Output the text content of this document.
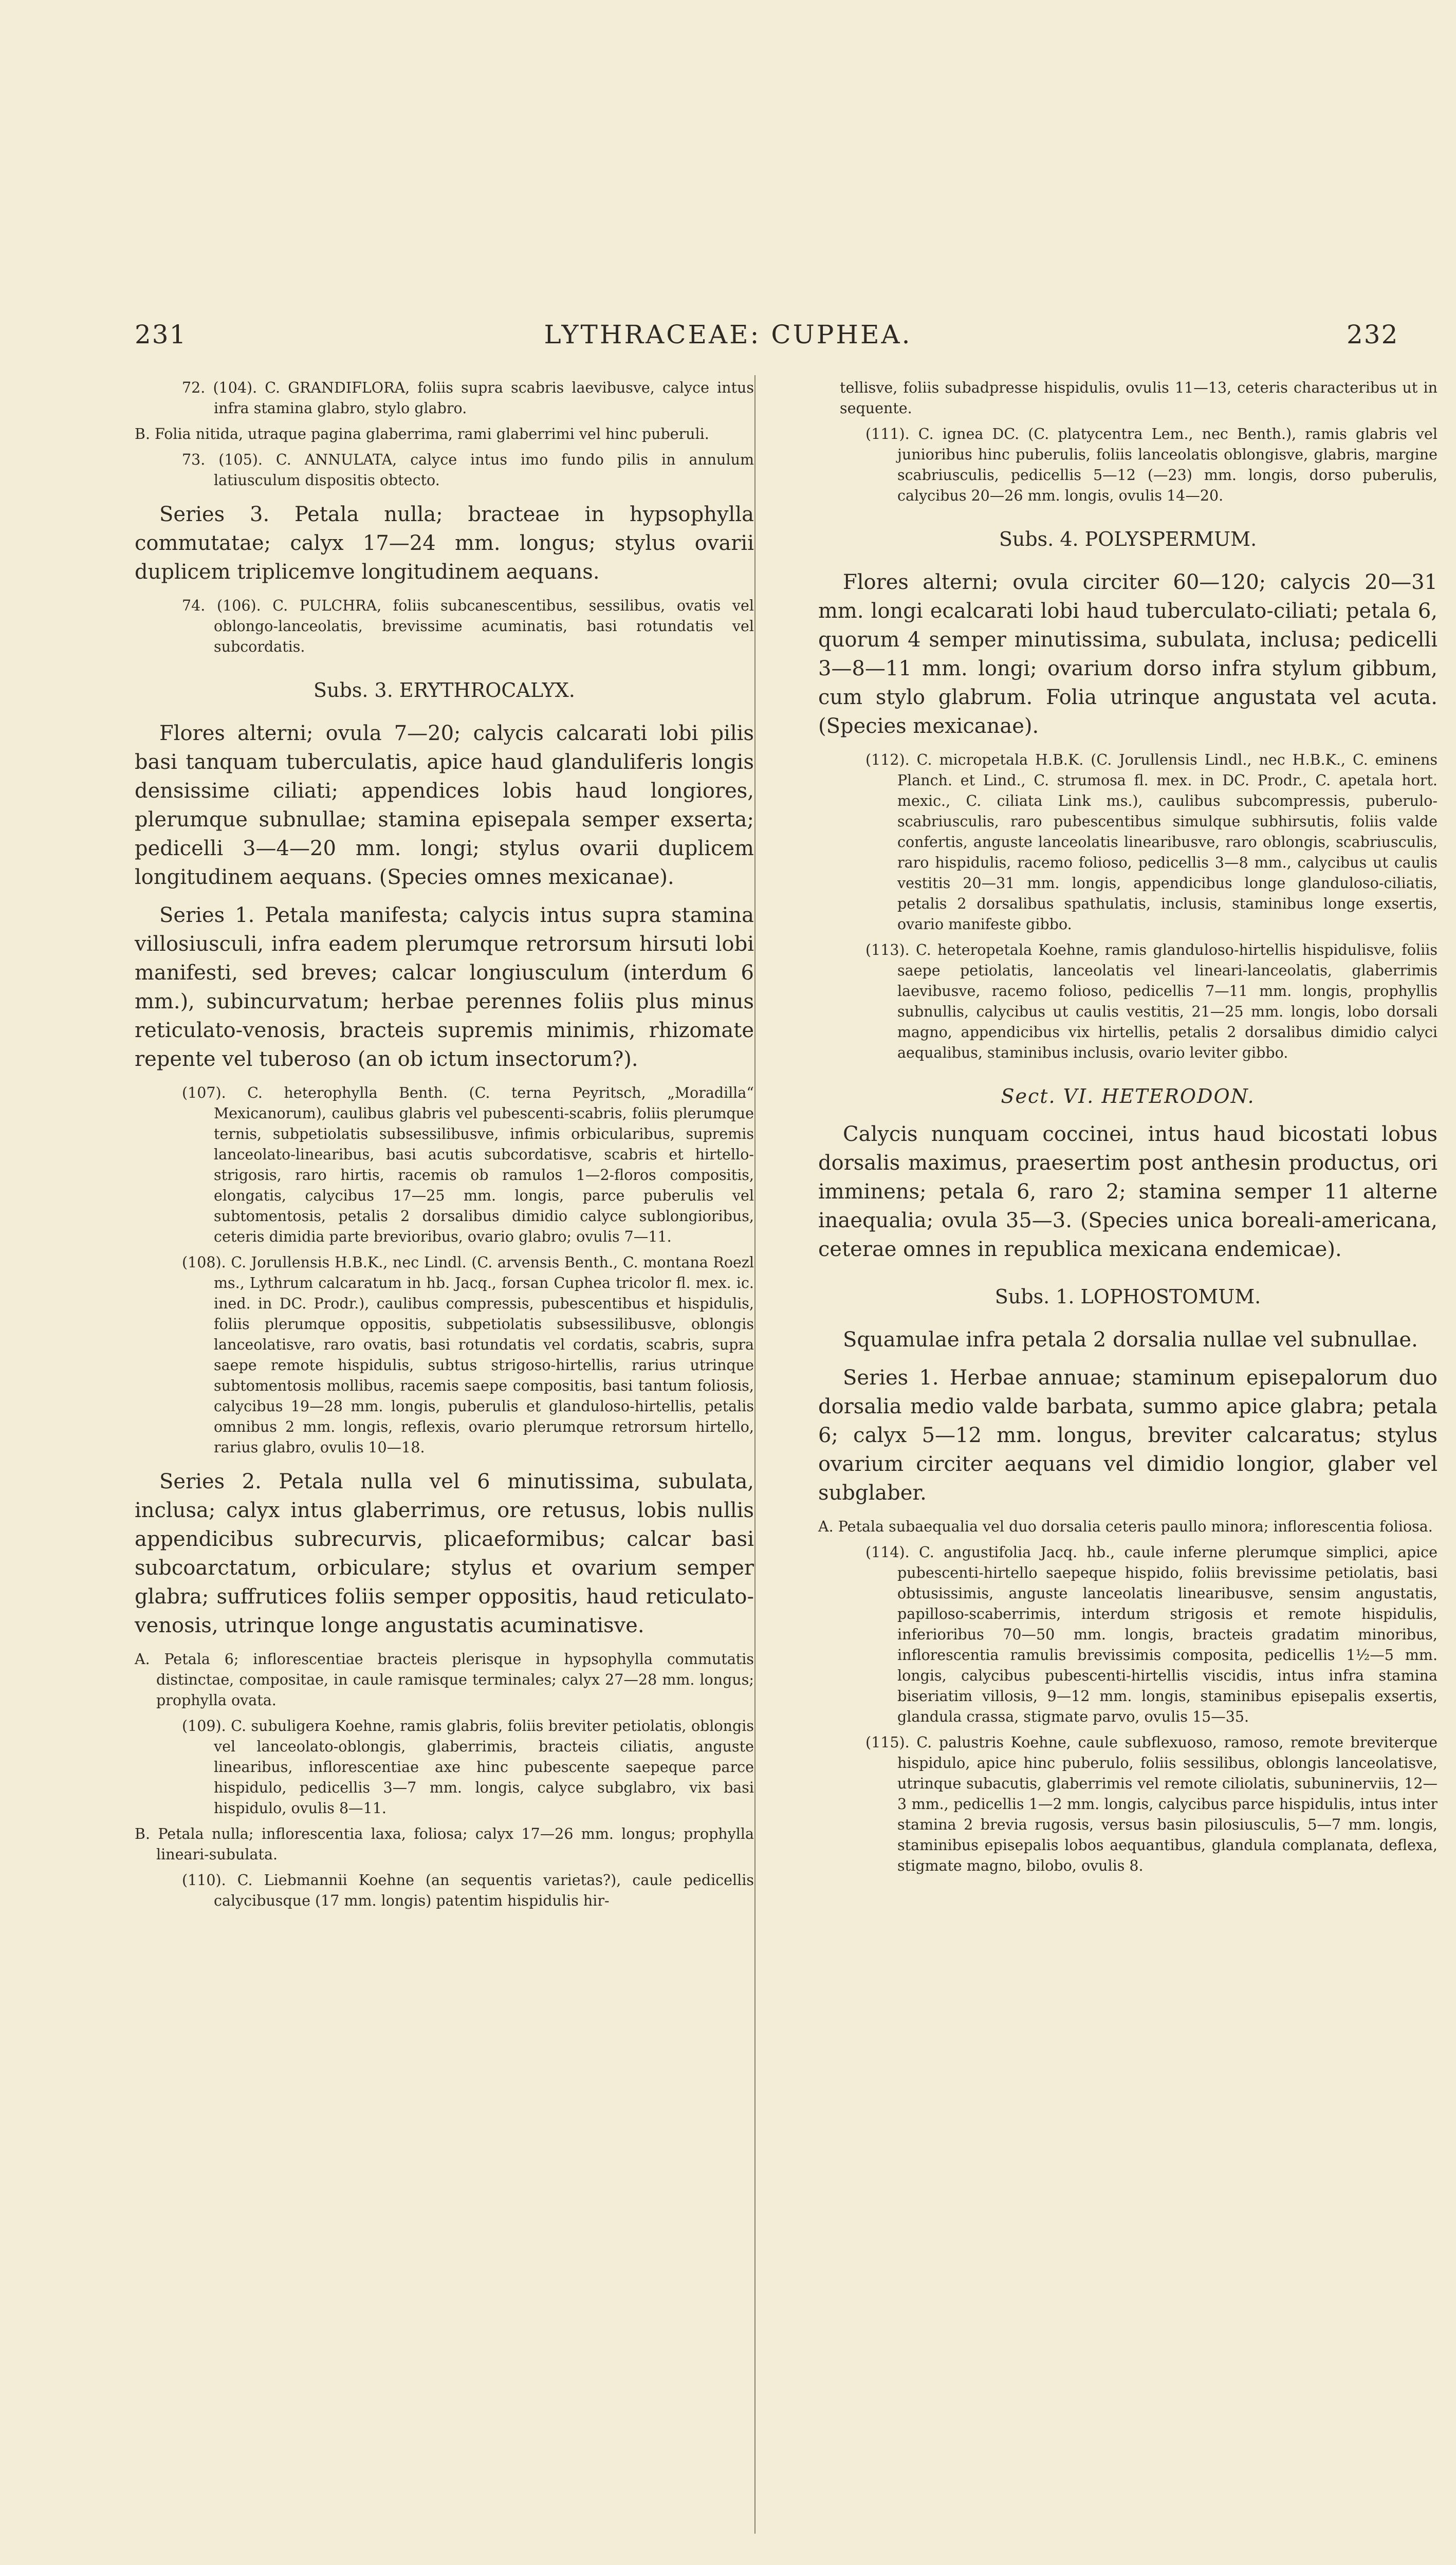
231	LYTHRACEAE: CUPHEA.	232

72. (104). C. GRANDIFLORA, foliis supra scabris laevibusve, calyce intus infra stamina glabro, stylo glabro.

B. Folia nitida, utraque pagina glaberrima, rami glaberrimi vel hinc puberuli.

73. (105). C. ANNULATA, calyce intus imo fundo pilis in annulum latiusculum dispositis obtecto.

Series 3. Petala nulla; bracteae in hypsophylla commutatae; calyx 17—24 mm. longus; stylus ovarii duplicem triplicemve longitudinem aequans.

74. (106). C. PULCHRA, foliis subcanescentibus, sessilibus, ovatis vel oblongo-lanceolatis, brevissime acuminatis, basi rotundatis vel subcordatis.

Subs. 3. ERYTHROCALYX.

Flores alterni; ovula 7—20; calycis calcarati lobi pilis basi tanquam tuberculatis, apice haud glanduliferis longis densissime ciliati; appendices lobis haud longiores, plerumque subnullae; stamina episepala semper exserta; pedicelli 3—4—20 mm. longi; stylus ovarii duplicem longitudinem aequans. (Species omnes mexicanae).

Series 1. Petala manifesta; calycis intus supra stamina villosiusculi, infra eadem plerumque retrorsum hirsuti lobi manifesti, sed breves; calcar longiusculum (interdum 6 mm.), subincurvatum; herbae perennes foliis plus minus reticulato-venosis, bracteis supremis minimis, rhizomate repente vel tuberoso (an ob ictum insectorum?).

(107). C. heterophylla Benth. (C. terna Peyritsch, „Moradilla“ Mexicanorum), caulibus glabris vel pubescenti-scabris, foliis plerumque ternis, subpetiolatis subsessilibusve, infimis orbicularibus, supremis lanceolato-linearibus, basi acutis subcordatisve, scabris et hirtello-strigosis, raro hirtis, racemis ob ramulos 1—2-floros compositis, elongatis, calycibus 17—25 mm. longis, parce puberulis vel subtomentosis, petalis 2 dorsalibus dimidio calyce sublongioribus, ceteris dimidia parte brevioribus, ovario glabro; ovulis 7—11.

(108). C. Jorullensis H.B.K., nec Lindl. (C. arvensis Benth., C. montana Roezl ms., Lythrum calcaratum in hb. Jacq., forsan Cuphea tricolor fl. mex. ic. ined. in DC. Prodr.), caulibus compressis, pubescentibus et hispidulis, foliis plerumque oppositis, subpetiolatis subsessilibusve, oblongis lanceolatisve, raro ovatis, basi rotundatis vel cordatis, scabris, supra saepe remote hispidulis, subtus strigoso-hirtellis, rarius utrinque subtomentosis mollibus, racemis saepe compositis, basi tantum foliosis, calycibus 19—28 mm. longis, puberulis et glanduloso-hirtellis, petalis omnibus 2 mm. longis, reflexis, ovario plerumque retrorsum hirtello, rarius glabro, ovulis 10—18.

Series 2. Petala nulla vel 6 minutissima, subulata, inclusa; calyx intus glaberrimus, ore retusus, lobis nullis appendicibus subrecurvis, plicaeformibus; calcar basi subcoarctatum, orbiculare; stylus et ovarium semper glabra; suffrutices foliis semper oppositis, haud reticulato-venosis, utrinque longe angustatis acuminatisve.

A. Petala 6; inflorescentiae bracteis plerisque in hypsophylla commutatis distinctae, compositae, in caule ramisque terminales; calyx 27—28 mm. longus; prophylla ovata.

(109). C. subuligera Koehne, ramis glabris, foliis breviter petiolatis, oblongis vel lanceolato-oblongis, glaberrimis, bracteis ciliatis, anguste linearibus, inflorescentiae axe hinc pubescente saepeque parce hispidulo, pedicellis 3—7 mm. longis, calyce subglabro, vix basi hispidulo, ovulis 8—11.

B. Petala nulla; inflorescentia laxa, foliosa; calyx 17—26 mm. longus; prophylla lineari-subulata.

(110). C. Liebmannii Koehne (an sequentis varietas?), caule pedicellis calycibusque (17 mm. longis) patentim hispidulis hir-

tellisve, foliis subadpresse hispidulis, ovulis 11—13, ceteris characteribus ut in sequente.

(111). C. ignea DC. (C. platycentra Lem., nec Benth.), ramis glabris vel junioribus hinc puberulis, foliis lanceolatis oblongisve, glabris, margine scabriusculis, pedicellis 5—12 (—23) mm. longis, dorso puberulis, calycibus 20—26 mm. longis, ovulis 14—20.

Subs. 4. POLYSPERMUM.

Flores alterni; ovula circiter 60—120; calycis 20—31 mm. longi ecalcarati lobi haud tuberculato-ciliati; petala 6, quorum 4 semper minutissima, subulata, inclusa; pedicelli 3—8—11 mm. longi; ovarium dorso infra stylum gibbum, cum stylo glabrum. Folia utrinque angustata vel acuta. (Species mexicanae).

(112). C. micropetala H.B.K. (C. Jorullensis Lindl., nec H.B.K., C. eminens Planch. et Lind., C. strumosa fl. mex. in DC. Prodr., C. apetala hort. mexic., C. ciliata Link ms.), caulibus subcompressis, puberulo-scabriusculis, raro pubescentibus simulque subhirsutis, foliis valde confertis, anguste lanceolatis linearibusve, raro oblongis, scabriusculis, raro hispidulis, racemo folioso, pedicellis 3—8 mm., calycibus ut caulis vestitis 20—31 mm. longis, appendicibus longe glanduloso-ciliatis, petalis 2 dorsalibus spathulatis, inclusis, staminibus longe exsertis, ovario manifeste gibbo.

(113). C. heteropetala Koehne, ramis glanduloso-hirtellis hispidulisve, foliis saepe petiolatis, lanceolatis vel lineari-lanceolatis, glaberrimis laevibusve, racemo folioso, pedicellis 7—11 mm. longis, prophyllis subnullis, calycibus ut caulis vestitis, 21—25 mm. longis, lobo dorsali magno, appendicibus vix hirtellis, petalis 2 dorsalibus dimidio calyci aequalibus, staminibus inclusis, ovario leviter gibbo.

Sect. VI. HETERODON.

Calycis nunquam coccinei, intus haud bicostati lobus dorsalis maximus, praesertim post anthesin productus, ori imminens; petala 6, raro 2; stamina semper 11 alterne inaequalia; ovula 35—3. (Species unica boreali-americana, ceterae omnes in republica mexicana endemicae).

Subs. 1. LOPHOSTOMUM.

Squamulae infra petala 2 dorsalia nullae vel subnullae.

Series 1. Herbae annuae; staminum episepalorum duo dorsalia medio valde barbata, summo apice glabra; petala 6; calyx 5—12 mm. longus, breviter calcaratus; stylus ovarium circiter aequans vel dimidio longior, glaber vel subglaber.

A. Petala subaequalia vel duo dorsalia ceteris paullo minora; inflorescentia foliosa.

(114). C. angustifolia Jacq. hb., caule inferne plerumque simplici, apice pubescenti-hirtello saepeque hispido, foliis brevissime petiolatis, basi obtusissimis, anguste lanceolatis linearibusve, sensim angustatis, papilloso-scaberrimis, interdum strigosis et remote hispidulis, inferioribus 70—50 mm. longis, bracteis gradatim minoribus, inflorescentia ramulis brevissimis composita, pedicellis 1½—5 mm. longis, calycibus pubescenti-hirtellis viscidis, intus infra stamina biseriatim villosis, 9—12 mm. longis, staminibus episepalis exsertis, glandula crassa, stigmate parvo, ovulis 15—35.

(115). C. palustris Koehne, caule subflexuoso, ramoso, remote breviterque hispidulo, apice hinc puberulo, foliis sessilibus, oblongis lanceolatisve, utrinque subacutis, glaberrimis vel remote ciliolatis, subuninerviis, 12—3 mm., pedicellis 1—2 mm. longis, calycibus parce hispidulis, intus inter stamina 2 brevia rugosis, versus basin pilosiusculis, 5—7 mm. longis, staminibus episepalis lobos aequantibus, glandula complanata, deflexa, stigmate magno, bilobo, ovulis 8.
